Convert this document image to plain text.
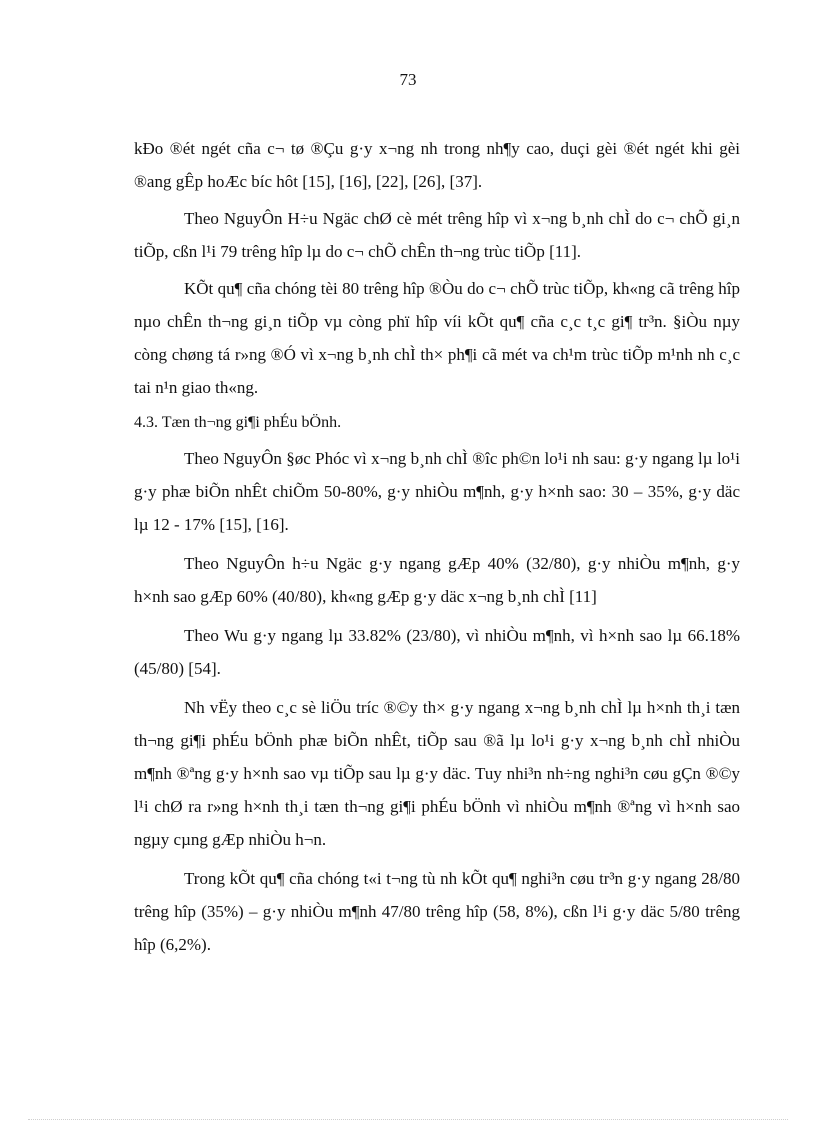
73

kĐo ®ét ngét cña c¬ tø ®Çu g·y x¬ng nh trong nh¶y cao, duçi gèi ®ét ngét khi gèi ®ang gÊp hoÆc bíc hôt [15], [16], [22], [26], [37].

Theo NguyÔn H÷u Ngäc chØ cè mét trêng hîp vì x¬ng b¸nh chÌ do c¬ chÕ gi¸n tiÕp, cßn l¹i 79 trêng hîp lµ do c¬ chÕ chÊn th¬ng trùc tiÕp [11].

KÕt qu¶ cña chóng tèi 80 trêng hîp ®Òu do c¬ chÕ trùc tiÕp, kh«ng cã trêng hîp nµo chÊn th¬ng gi¸n tiÕp vµ còng phï hîp víi kÕt qu¶ cña c¸c t¸c gi¶ tr³n. §iÒu nµy còng chøng tá r»ng ®Ó vì x¬ng b¸nh chÌ th× ph¶i cã mét va ch¹m trùc tiÕp m¹nh nh c¸c tai n¹n giao th«ng.

4.3. Tæn th¬ng gi¶i phÉu bÖnh.

Theo NguyÔn §øc Phóc vì x¬ng b¸nh chÌ ®îc ph©n lo¹i nh sau: g·y ngang lµ lo¹i g·y phæ biÕn nhÊt chiÕm 50-80%, g·y nhiÒu m¶nh, g·y h×nh sao: 30 – 35%, g·y däc lµ 12 - 17% [15], [16].

Theo NguyÔn h÷u Ngäc g·y ngang gÆp 40% (32/80), g·y nhiÒu m¶nh, g·y h×nh sao gÆp 60% (40/80), kh«ng gÆp g·y däc x¬ng b¸nh chÌ [11]

Theo Wu g·y ngang lµ 33.82% (23/80), vì nhiÒu m¶nh, vì h×nh sao lµ 66.18% (45/80) [54].

Nh vËy theo c¸c sè liÖu tríc ®©y th× g·y ngang x¬ng b¸nh chÌ lµ h×nh th¸i tæn th¬ng gi¶i phÉu bÖnh phæ biÕn nhÊt, tiÕp sau ®ã lµ lo¹i g·y x¬ng b¸nh chÌ nhiÒu m¶nh ®ªng g·y h×nh sao vµ tiÕp sau lµ g·y däc. Tuy nhi³n nh÷ng nghi³n cøu gÇn ®©y l¹i chØ ra r»ng h×nh th¸i tæn th¬ng gi¶i phÉu bÖnh vì nhiÒu m¶nh ®ªng vì h×nh sao ngµy cµng gÆp nhiÒu h¬n.

Trong kÕt qu¶ cña chóng t«i t¬ng tù nh kÕt qu¶ nghi³n cøu tr³n g·y ngang 28/80 trêng hîp (35%) – g·y nhiÒu m¶nh 47/80 trêng hîp (58, 8%), cßn l¹i g·y däc 5/80 trêng hîp (6,2%).
